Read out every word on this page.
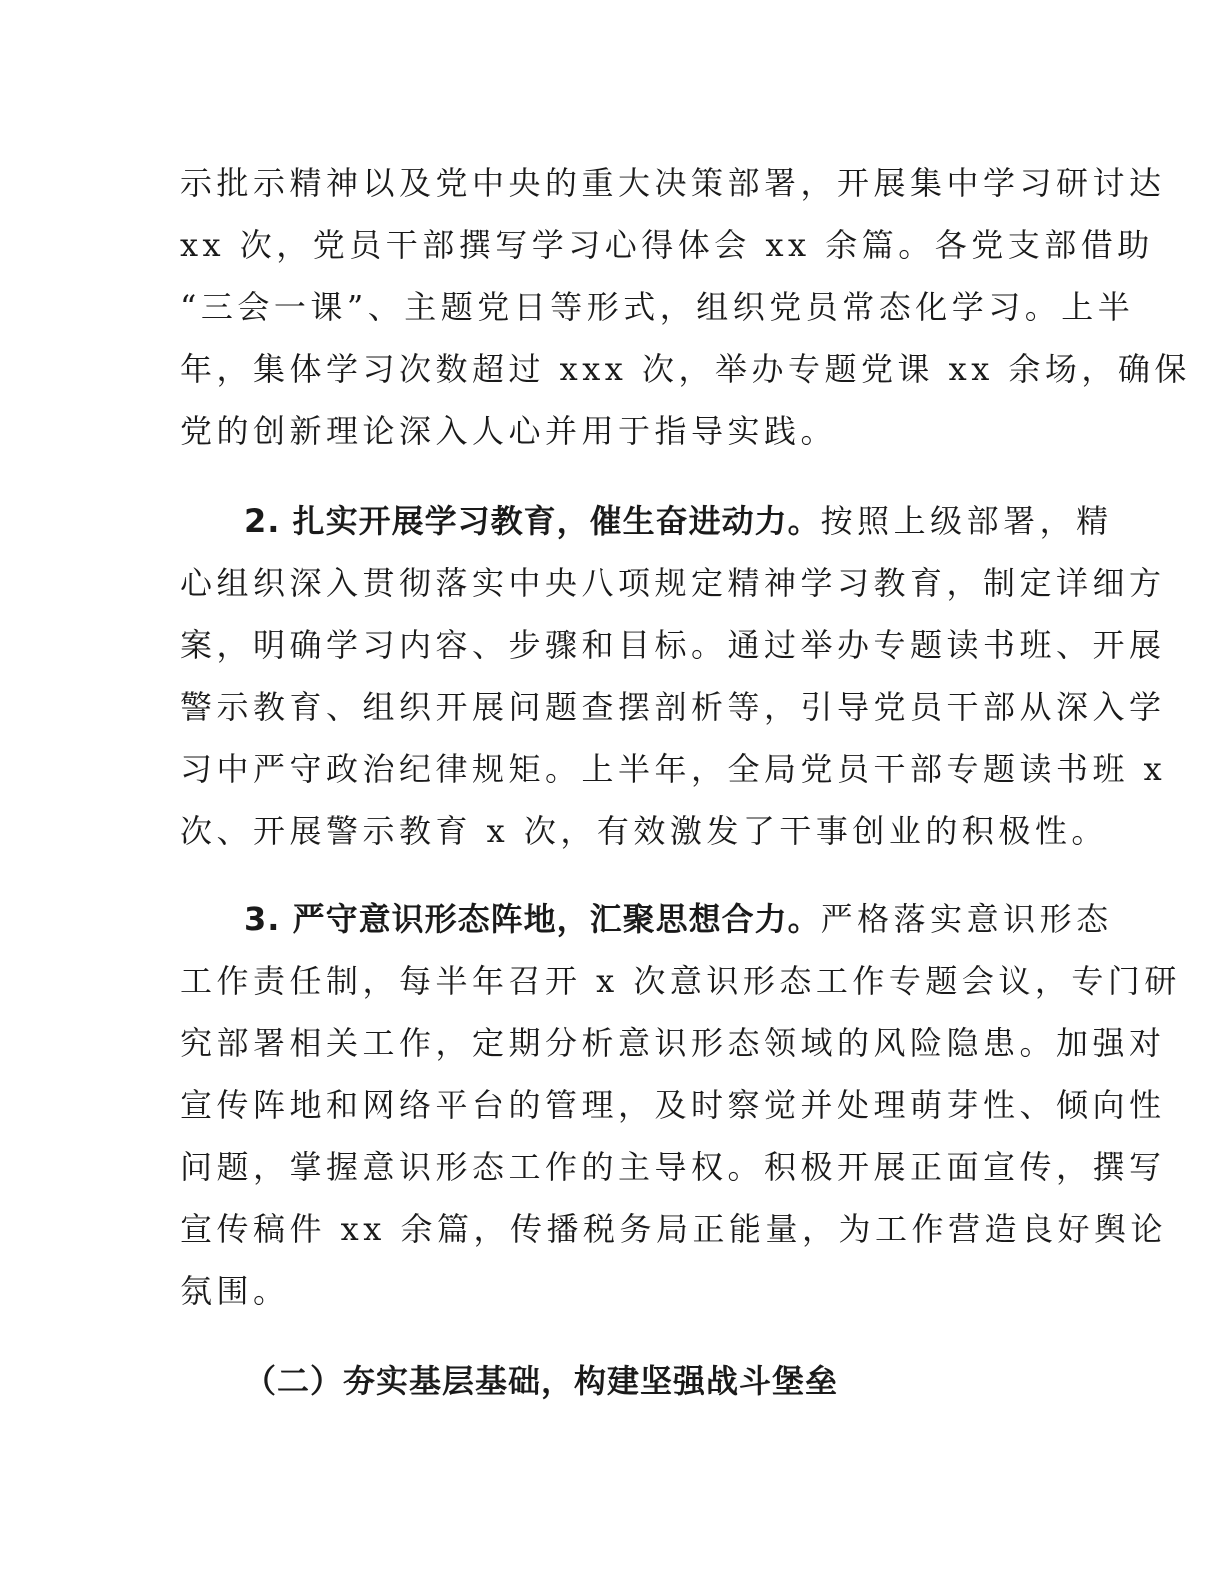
示批示精神以及党中央的重大决策部署，开展集中学习研讨达
xx 次，党员干部撰写学习心得体会 xx 余篇。各党支部借助
“三会一课”、主题党日等形式，组织党员常态化学习。上半
年，集体学习次数超过 xxx 次，举办专题党课 xx 余场，确保
党的创新理论深入人心并用于指导实践。
2. 扎实开展学习教育，催生奋进动力。按照上级部署，精
心组织深入贯彻落实中央八项规定精神学习教育，制定详细方
案，明确学习内容、步骤和目标。通过举办专题读书班、开展
警示教育、组织开展问题查摆剖析等，引导党员干部从深入学
习中严守政治纪律规矩。上半年，全局党员干部专题读书班 x
次、开展警示教育 x 次，有效激发了干事创业的积极性。
3. 严守意识形态阵地，汇聚思想合力。严格落实意识形态
工作责任制，每半年召开 x 次意识形态工作专题会议，专门研
究部署相关工作，定期分析意识形态领域的风险隐患。加强对
宣传阵地和网络平台的管理，及时察觉并处理萌芽性、倾向性
问题，掌握意识形态工作的主导权。积极开展正面宣传，撰写
宣传稿件 xx 余篇，传播税务局正能量，为工作营造良好舆论
氛围。
（二）夯实基层基础，构建坚强战斗堡垒
